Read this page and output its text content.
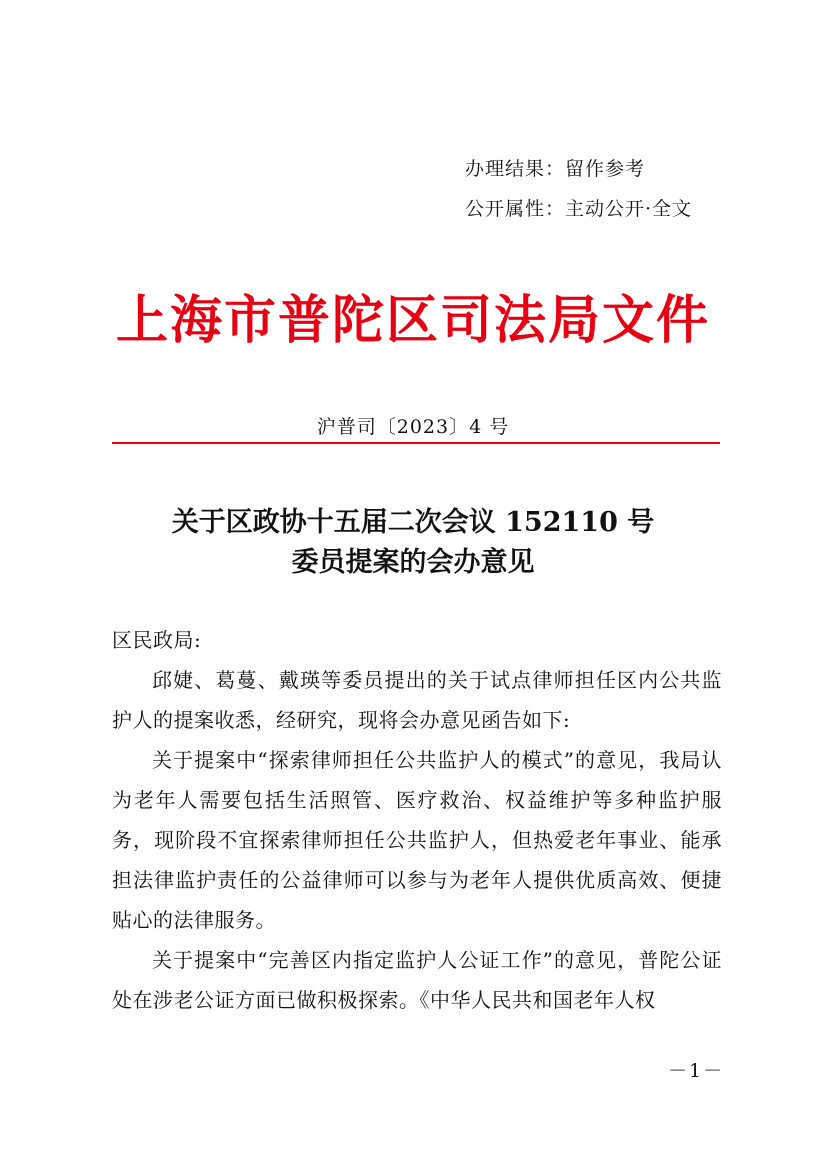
办理结果：留作参考
公开属性：主动公开·全文
上海市普陀区司法局文件
沪普司〔2023〕4 号
关于区政协十五届二次会议 152110 号
委员提案的会办意见

区民政局:

邱婕、葛蔓、戴瑛等委员提出的关于试点律师担任区内公共监护人的提案收悉，经研究，现将会办意见函告如下:

关于提案中“探索律师担任公共监护人的模式”的意见，我局认为老年人需要包括生活照管、医疗救治、权益维护等多种监护服务，现阶段不宜探索律师担任公共监护人，但热爱老年事业、能承担法律监护责任的公益律师可以参与为老年人提供优质高效、便捷贴心的法律服务。

关于提案中“完善区内指定监护人公证工作”的意见，普陀公证处在涉老公证方面已做积极探索。《中华人民共和国老年人权

－1－
